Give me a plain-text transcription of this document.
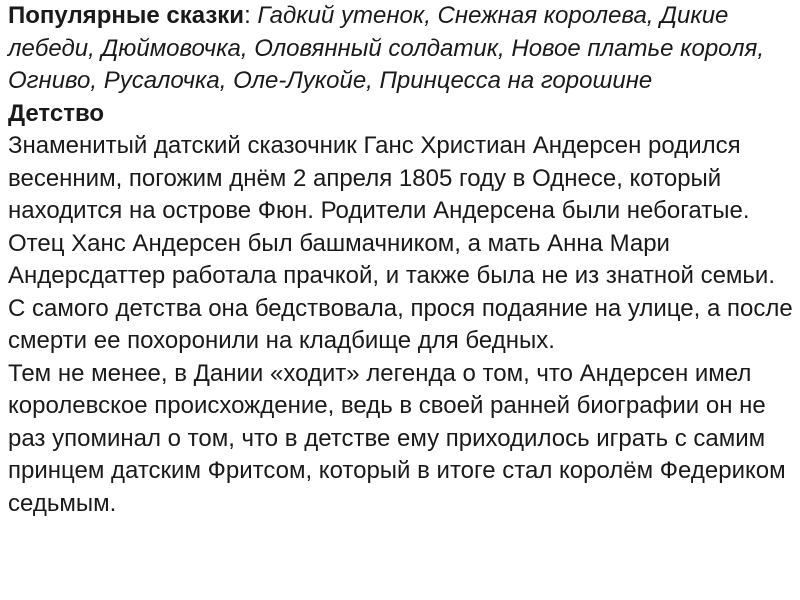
Популярные сказки: Гадкий утенок, Снежная королева, Дикие лебеди, Дюймовочка, Оловянный солдатик, Новое платье короля, Огниво, Русалочка, Оле-Лукойе, Принцесса на горошине

Детство

Знаменитый датский сказочник Ганс Христиан Андерсен родился весенним, погожим днём 2 апреля 1805 году в Однесе, который находится на острове Фюн. Родители Андерсена были небогатые. Отец Ханс Андерсен был башмачником, а мать Анна Мари Андерсдаттер работала прачкой, и также была не из знатной семьи. С самого детства она бедствовала, прося подаяние на улице, а после смерти ее похоронили на кладбище для бедных.

Тем не менее, в Дании «ходит» легенда о том, что Андерсен имел королевское происхождение, ведь в своей ранней биографии он не раз упоминал о том, что в детстве ему приходилось играть с самим принцем датским Фритсом, который в итоге стал королём Федериком седьмым.
